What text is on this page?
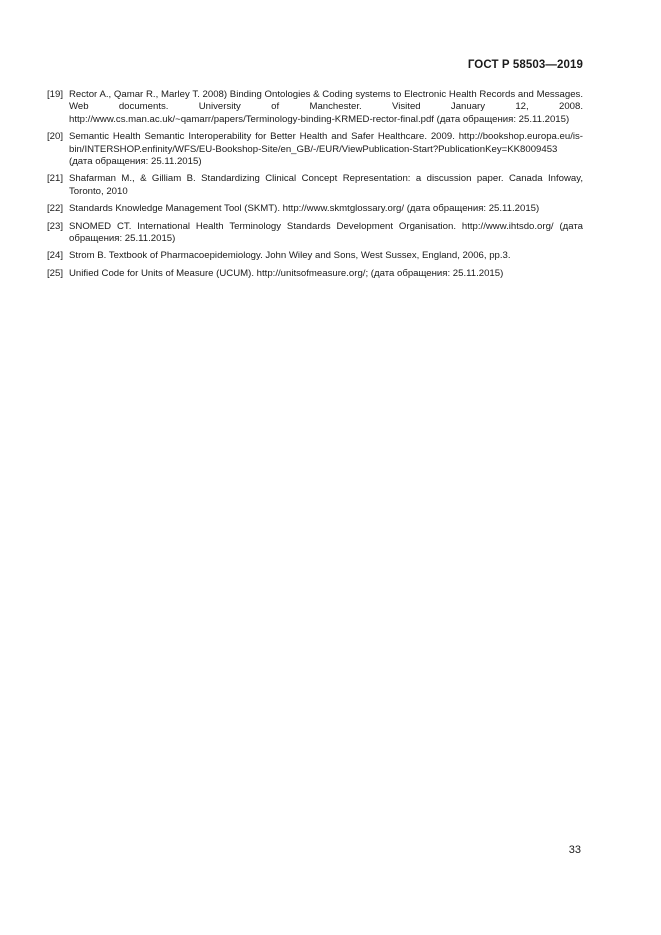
ГОСТ Р 58503—2019
[19] Rector A., Qamar R., Marley T. 2008) Binding Ontologies & Coding systems to Electronic Health Records and Messages. Web documents. University of Manchester. Visited January 12, 2008. http://www.cs.man.ac.uk/~qamarr/papers/Terminology-binding-KRMED-rector-final.pdf (дата обращения: 25.11.2015)
[20] Semantic Health Semantic Interoperability for Better Health and Safer Healthcare. 2009. http://bookshop.europa.eu/is-bin/INTERSHOP.enfinity/WFS/EU-Bookshop-Site/en_GB/-/EUR/ViewPublication-Start?PublicationKey=KK8009453 (дата обращения: 25.11.2015)
[21] Shafarman M., & Gilliam B. Standardizing Clinical Concept Representation: a discussion paper. Canada Infoway, Toronto, 2010
[22] Standards Knowledge Management Tool (SKMT). http://www.skmtglossary.org/ (дата обращения: 25.11.2015)
[23] SNOMED CT. International Health Terminology Standards Development Organisation. http://www.ihtsdo.org/ (дата обращения: 25.11.2015)
[24] Strom B. Textbook of Pharmacoepidemiology. John Wiley and Sons, West Sussex, England, 2006, pp.3.
[25] Unified Code for Units of Measure (UCUM). http://unitsofmeasure.org/; (дата обращения: 25.11.2015)
33
